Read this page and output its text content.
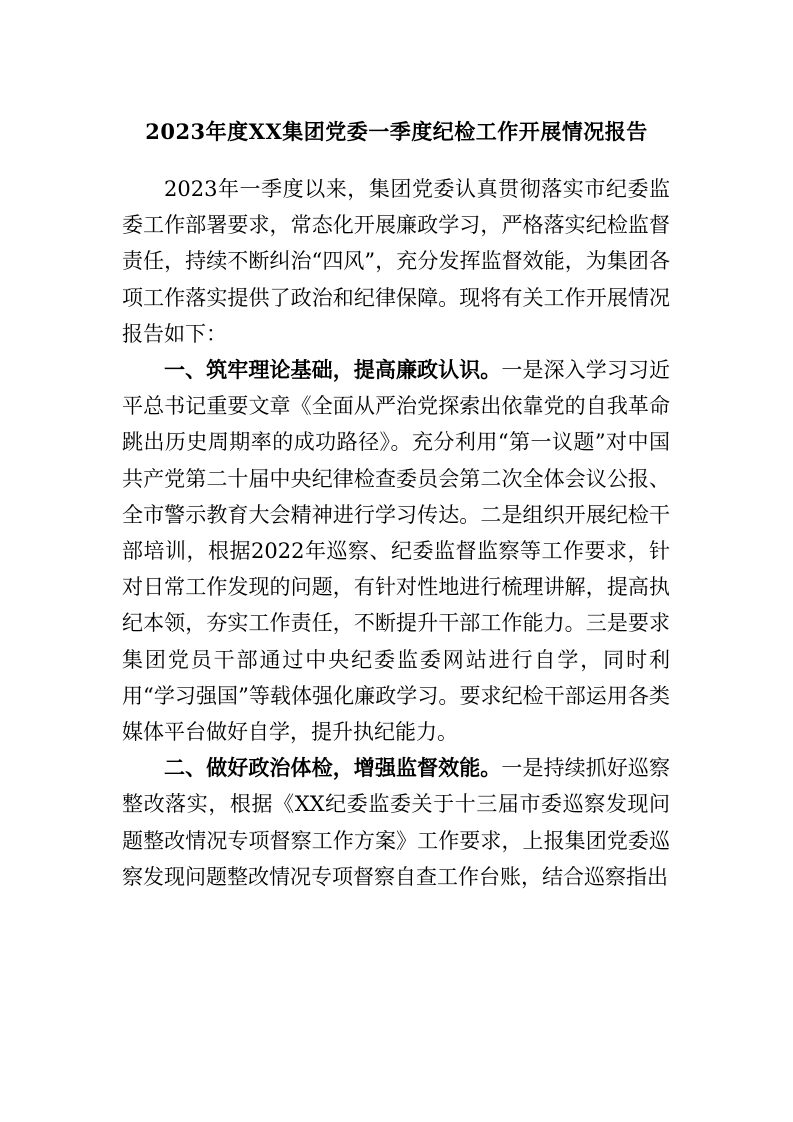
2023年度XX集团党委一季度纪检工作开展情况报告

2023年一季度以来，集团党委认真贯彻落实市纪委监委工作部署要求，常态化开展廉政学习，严格落实纪检监督责任，持续不断纠治“四风”，充分发挥监督效能，为集团各项工作落实提供了政治和纪律保障。现将有关工作开展情况报告如下：

一、筑牢理论基础，提高廉政认识。一是深入学习习近平总书记重要文章《全面从严治党探索出依靠党的自我革命跳出历史周期率的成功路径》。充分利用“第一议题”对中国共产党第二十届中央纪律检查委员会第二次全体会议公报、全市警示教育大会精神进行学习传达。二是组织开展纪检干部培训，根据2022年巡察、纪委监督监察等工作要求，针对日常工作发现的问题，有针对性地进行梳理讲解，提高执纪本领，夯实工作责任，不断提升干部工作能力。三是要求集团党员干部通过中央纪委监委网站进行自学，同时利用“学习强国”等载体强化廉政学习。要求纪检干部运用各类媒体平台做好自学，提升执纪能力。

二、做好政治体检，增强监督效能。一是持续抓好巡察整改落实，根据《XX纪委监委关于十三届市委巡察发现问题整改情况专项督察工作方案》工作要求，上报集团党委巡察发现问题整改情况专项督察自查工作台账，结合巡察指出
